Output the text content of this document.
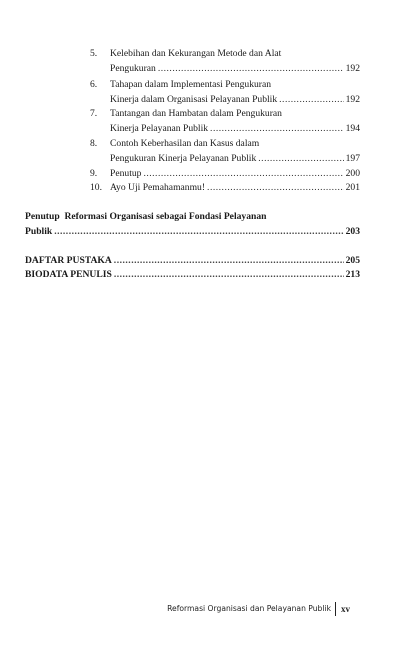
5.	Kelebihan dan Kekurangan Metode dan Alat
Pengukuran .....	192
6.	Tahapan dalam Implementasi Pengukuran
Kinerja dalam Organisasi Pelayanan Publik .....	192
7.	Tantangan dan Hambatan dalam Pengukuran
Kinerja Pelayanan Publik .....	194
8.	Contoh Keberhasilan dan Kasus dalam
Pengukuran Kinerja Pelayanan Publik .....	197
9.	Penutup .....	200
10. Ayo Uji Pemahamanmu! .....	201
Penutup  Reformasi Organisasi sebagai Fondasi Pelayanan
Publik .....	203
DAFTAR PUSTAKA .....	205
BIODATA PENULIS .....	213
Reformasi Organisasi dan Pelayanan Publik xv
